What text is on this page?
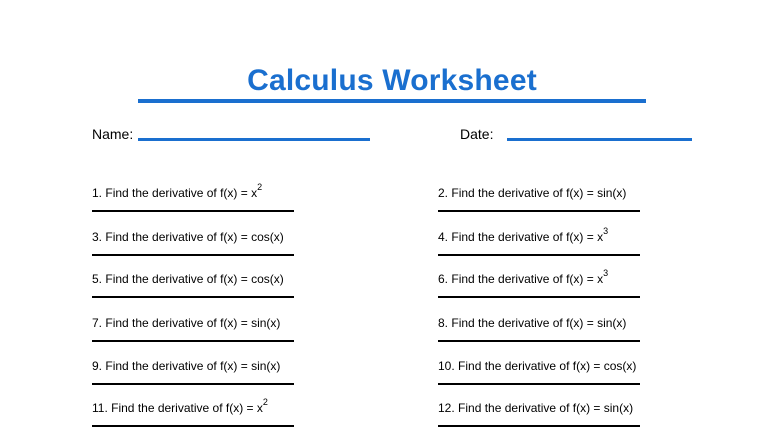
Calculus Worksheet
Name:	Date:
1. Find the derivative of $f(x) = x^2$	2. Find the derivative of f(x) = sin(x)
3. Find the derivative of f(x) = cos(x)	4. Find the derivative of $f(x) = x^3$
5. Find the derivative of f(x) = cos(x)	6. Find the derivative of $f(x) = x^3$
7. Find the derivative of f(x) = sin(x)	8. Find the derivative of f(x) = sin(x)
9. Find the derivative of f(x) = sin(x)	10. Find the derivative of f(x) = cos(x)
11. Find the derivative of $f(x) = x^2$	12. Find the derivative of f(x) = sin(x)
